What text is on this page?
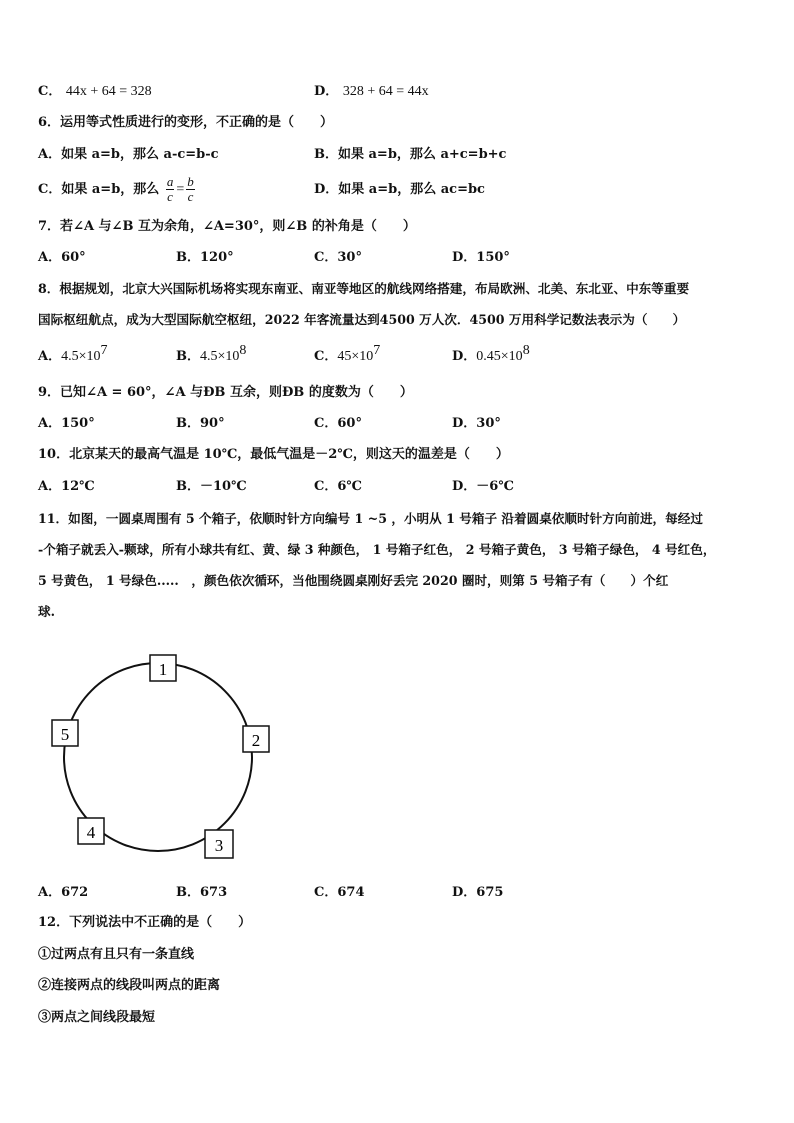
C． 44x + 64 = 328	D． 328 + 64 = 44x
6．运用等式性质进行的变形，不正确的是（　　）
A．如果 a=b，那么 a-c=b-c	B．如果 a=b，那么 a+c=b+c
C．如果 a=b，那么 $\frac{a}{c} = \frac{b}{c}$	D．如果 a=b，那么 ac=bc
7．若∠A 与∠B 互为余角，∠A=30°，则∠B 的补角是（　　）
A．60°	B．120°	C．30°	D．150°
8．根据规划，北京大兴国际机场将实现东南亚、南亚等地区的航线网络搭建，布局欧洲、北美、东北亚、中东等重要
国际枢纽航点，成为大型国际航空枢纽，2022 年客流量达到4500 万人次．4500 万用科学记数法表示为（　　）
A．$4.5\times 10^7$	B．$4.5\times 10^8$	C．$45\times 10^7$	D．$0.45\times 10^8$
9．已知∠A = 60°，∠A 与ÐB 互余，则ÐB 的度数为（　　）
A．150°	B．90°	C．60°	D．30°
10．北京某天的最高气温是 10℃，最低气温是－2℃，则这天的温差是（　　）
A．12℃	B．－10℃	C．6℃	D．－6℃
11．如图，一圆桌周围有 5 个箱子，依顺时针方向编号 1 ~5 ，小明从 1 号箱子 沿着圆桌依顺时针方向前进，每经过
-个箱子就丢入-颗球，所有小球共有红、黄、绿 3 种颜色， 1 号箱子红色， 2 号箱子黄色， 3 号箱子绿色， 4 号红色，
5 号黄色， 1 号绿色.....　，颜色依次循环，当他围绕圆桌刚好丢完 2020 圈时，则第 5 号箱子有（　　）个红
球.
1
2
3
4
5
A．672	B．673	C．674	D．675
12．下列说法中不正确的是（　　）
①过两点有且只有一条直线
②连接两点的线段叫两点的距离
③两点之间线段最短
